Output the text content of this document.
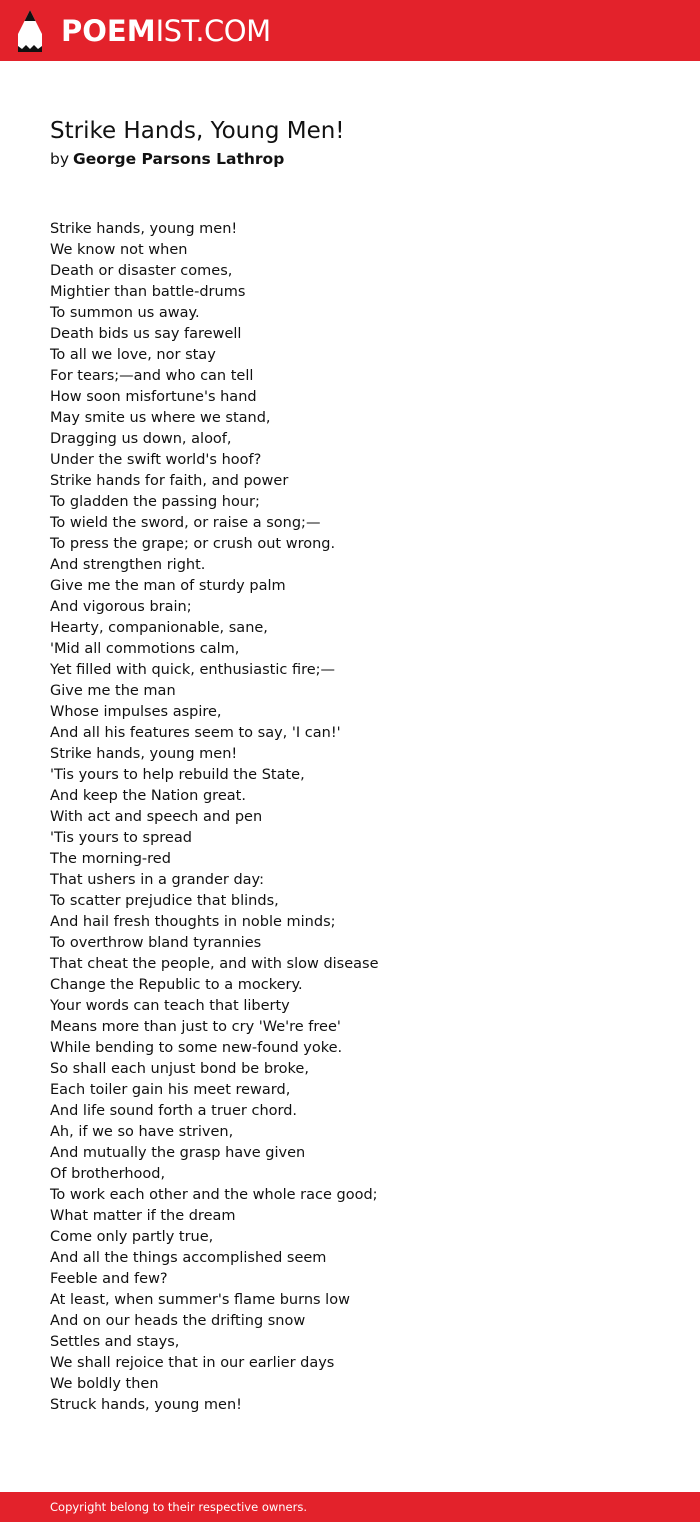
POEM IST.COM
Strike Hands, Young Men!
by George Parsons Lathrop
Strike hands, young men!
We know not when
Death or disaster comes,
Mightier than battle-drums
To summon us away.
Death bids us say farewell
To all we love, nor stay
For tears;—and who can tell
How soon misfortune's hand
May smite us where we stand,
Dragging us down, aloof,
Under the swift world's hoof?
Strike hands for faith, and power
To gladden the passing hour;
To wield the sword, or raise a song;—
To press the grape; or crush out wrong.
And strengthen right.
Give me the man of sturdy palm
And vigorous brain;
Hearty, companionable, sane,
'Mid all commotions calm,
Yet filled with quick, enthusiastic fire;—
Give me the man
Whose impulses aspire,
And all his features seem to say, 'I can!'
Strike hands, young men!
'Tis yours to help rebuild the State,
And keep the Nation great.
With act and speech and pen
'Tis yours to spread
The morning-red
That ushers in a grander day:
To scatter prejudice that blinds,
And hail fresh thoughts in noble minds;
To overthrow bland tyrannies
That cheat the people, and with slow disease
Change the Republic to a mockery.
Your words can teach that liberty
Means more than just to cry 'We're free'
While bending to some new-found yoke.
So shall each unjust bond be broke,
Each toiler gain his meet reward,
And life sound forth a truer chord.
Ah, if we so have striven,
And mutually the grasp have given
Of brotherhood,
To work each other and the whole race good;
What matter if the dream
Come only partly true,
And all the things accomplished seem
Feeble and few?
At least, when summer's flame burns low
And on our heads the drifting snow
Settles and stays,
We shall rejoice that in our earlier days
We boldly then
Struck hands, young men!
Copyright belong to their respective owners.
